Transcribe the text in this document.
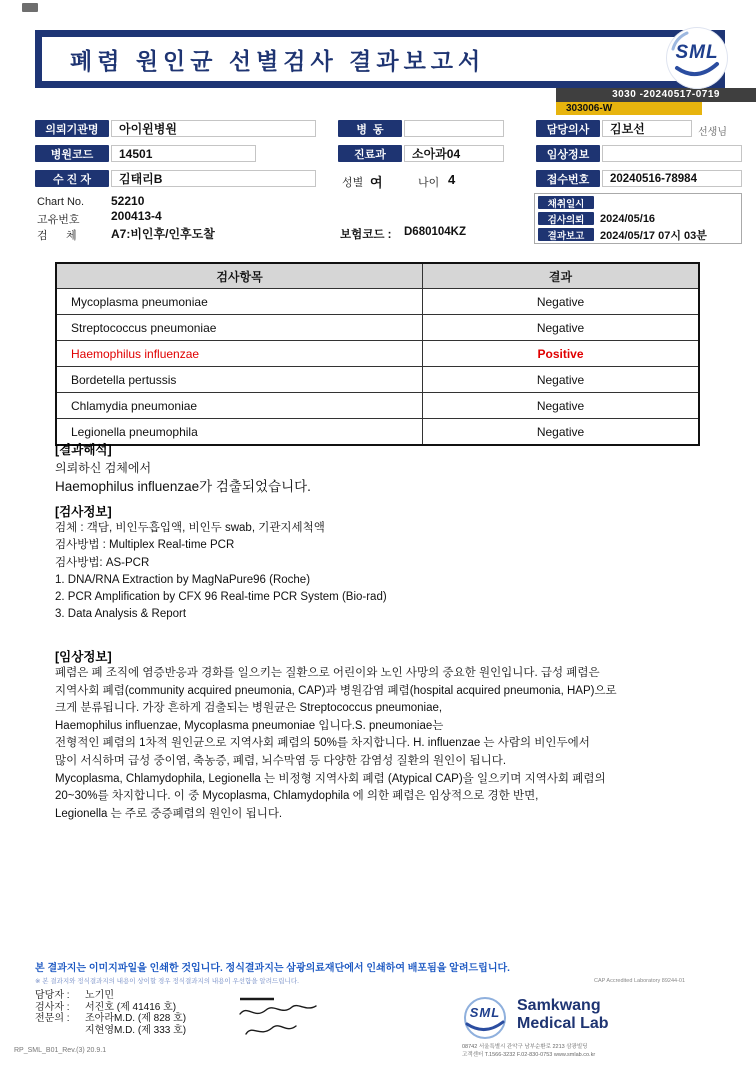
폐렴 원인균 선별검사 결과보고서	SML
3030 -20240517-0719
303006-W
의뢰기관명	아이윈병원	병  동	담당의사	김보선	선생님
병원코드	14501	진료과	소아과04	임상정보
수 진 자	김태리B	성별 여	나이 4	접수번호	20240516-78984
Chart No. 52210
고유번호	200413-4
검      체	A7:비인후/인후도찰	보험코드 : D680104KZ
채취일시
검사의뢰	2024/05/16
결과보고	2024/05/17 07시 03분
검사항목	결과
Mycoplasma pneumoniae	Negative
Streptococcus pneumoniae	Negative
Haemophilus influenzae	Positive
Bordetella pertussis	Negative
Chlamydia pneumoniae	Negative
Legionella pneumophila	Negative
[결과해석]
의뢰하신 검체에서
Haemophilus influenzae가 검출되었습니다.
[검사정보]
검체 : 객담, 비인두흡입액, 비인두 swab, 기관지세척액
검사방법 : Multiplex Real-time PCR
검사방법: AS-PCR
1. DNA/RNA Extraction by MagNaPure96 (Roche)
2. PCR Amplification by CFX 96 Real-time PCR System (Bio-rad)
3. Data Analysis & Report
[임상정보]
폐렴은 폐 조직에 염증반응과 경화를 일으키는 질환으로 어린이와 노인 사망의 중요한 원인입니다. 급성 폐렴은
지역사회 폐렴(community acquired pneumonia, CAP)과 병원감염 폐렴(hospital acquired pneumonia, HAP)으로
크게 분류됩니다. 가장 흔하게 검출되는 병원균은 Streptococcus pneumoniae,
Haemophilus influenzae, Mycoplasma pneumoniae 입니다.S. pneumoniae는
전형적인 폐렴의 1차적 원인균으로 지역사회 폐렴의 50%를 차지합니다. H. influenzae 는 사람의 비인두에서
많이 서식하며 급성 중이염, 축농증, 폐렴, 뇌수막염 등 다양한 감염성 질환의 원인이 됩니다.
Mycoplasma, Chlamydophila, Legionella 는 비정형 지역사회 폐렴 (Atypical CAP)을 일으키며 지역사회 폐렴의
20~30%를 차지합니다. 이 중 Mycoplasma, Chlamydophila 에 의한 폐렴은 임상적으로 경한 반면,
Legionella 는 주로 중증폐렴의 원인이 됩니다.
본 결과지는 이미지파일을 인쇄한 것입니다. 정식결과지는 삼광의료재단에서 인쇄하여 배포됨을 알려드립니다.
※ 본 결과지와 정식결과지의 내용이 상이할 경우 정식결과지의 내용이 우선함을 알려드립니다.	CAP Accredited Laboratory 89244-01
담당자 : 노기민
검사자 : 서진호 (제 41416 호)
전문의 : 조아라M.D. (제 828 호)
지현영M.D. (제 333 호)
SML	Samkwang
Medical Lab
08742 서울특별시 관악구 남부순환로 2213 삼광빌딩
고객센터 T.1566-3232 F.02-830-0753 www.smlab.co.kr
RP_SML_B01_Rev.(3) 20.9.1
